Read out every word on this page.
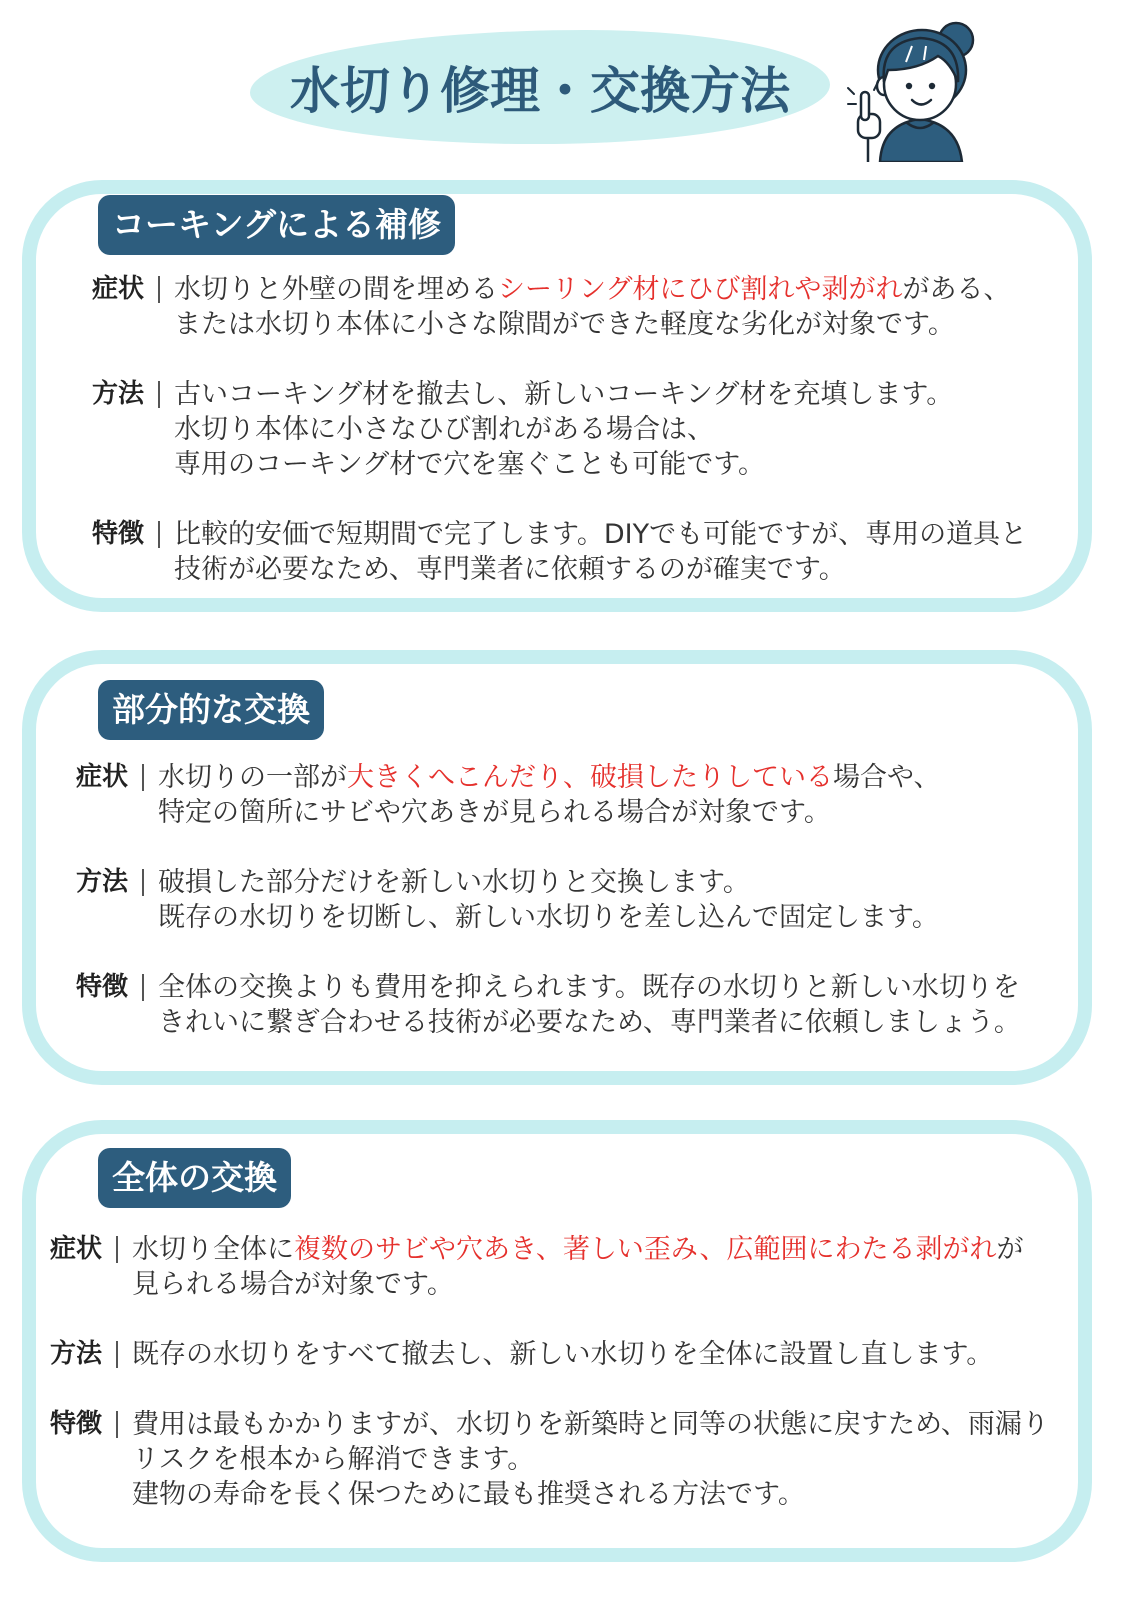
水切り修理・交換方法
コーキングによる補修
症状 水切りと外壁の間を埋めるシーリング材にひび割れや剥がれがある、
または水切り本体に小さな隙間ができた軽度な劣化が対象です。
方法 古いコーキング材を撤去し、新しいコーキング材を充填します。
水切り本体に小さなひび割れがある場合は、
専用のコーキング材で穴を塞ぐことも可能です。
特徴 比較的安価で短期間で完了します。DIYでも可能ですが、専用の道具と
技術が必要なため、専門業者に依頼するのが確実です。
部分的な交換
症状 水切りの一部が大きくへこんだり、破損したりしている場合や、
特定の箇所にサビや穴あきが見られる場合が対象です。
方法 破損した部分だけを新しい水切りと交換します。
既存の水切りを切断し、新しい水切りを差し込んで固定します。
特徴 全体の交換よりも費用を抑えられます。既存の水切りと新しい水切りを
きれいに繋ぎ合わせる技術が必要なため、専門業者に依頼しましょう。
全体の交換
症状 水切り全体に複数のサビや穴あき、著しい歪み、広範囲にわたる剥がれが
見られる場合が対象です。
方法 既存の水切りをすべて撤去し、新しい水切りを全体に設置し直します。
特徴 費用は最もかかりますが、水切りを新築時と同等の状態に戻すため、雨漏り
リスクを根本から解消できます。
建物の寿命を長く保つために最も推奨される方法です。
